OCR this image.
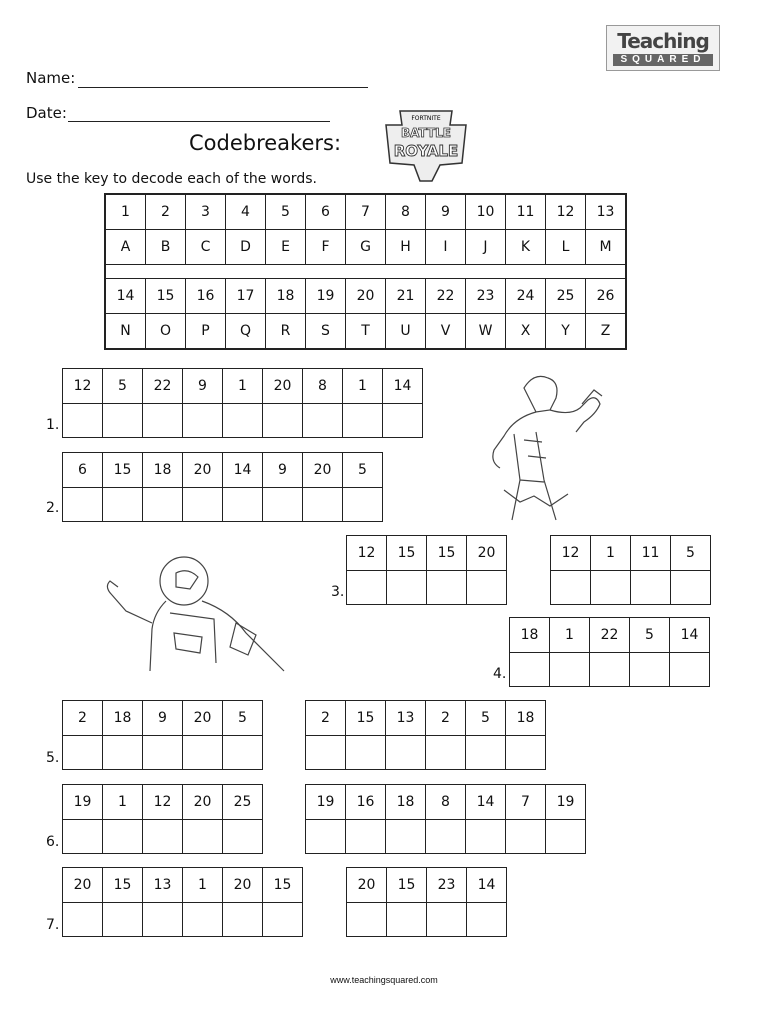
Teaching
SQUARED
Name:
Date:
Codebreakers:
FORTNITE
BATTLE
ROYALE
Use the key to decode each of the words.
1	2	3	4	5	6	7	8	9	10	11	12	13
A	B	C	D	E	F	G	H	I	J	K	L	M

14	15	16	17	18	19	20	21	22	23	24	25	26
N	O	P	Q	R	S	T	U	V	W	X	Y	Z
1.
12	5	22	9	1	20	8	1	14

2.
6	15	18	20	14	9	20	5

3.
12	15	15	20
				12	1	11	5

4.
18	1	22	5	14

5.
2	18	9	20	5
					2	15	13	2	5	18

6.
19	1	12	20	25
					19	16	18	8	14	7	19

7.
20	15	13	1	20	15
						20	15	23	14

www.teachingsquared.com
